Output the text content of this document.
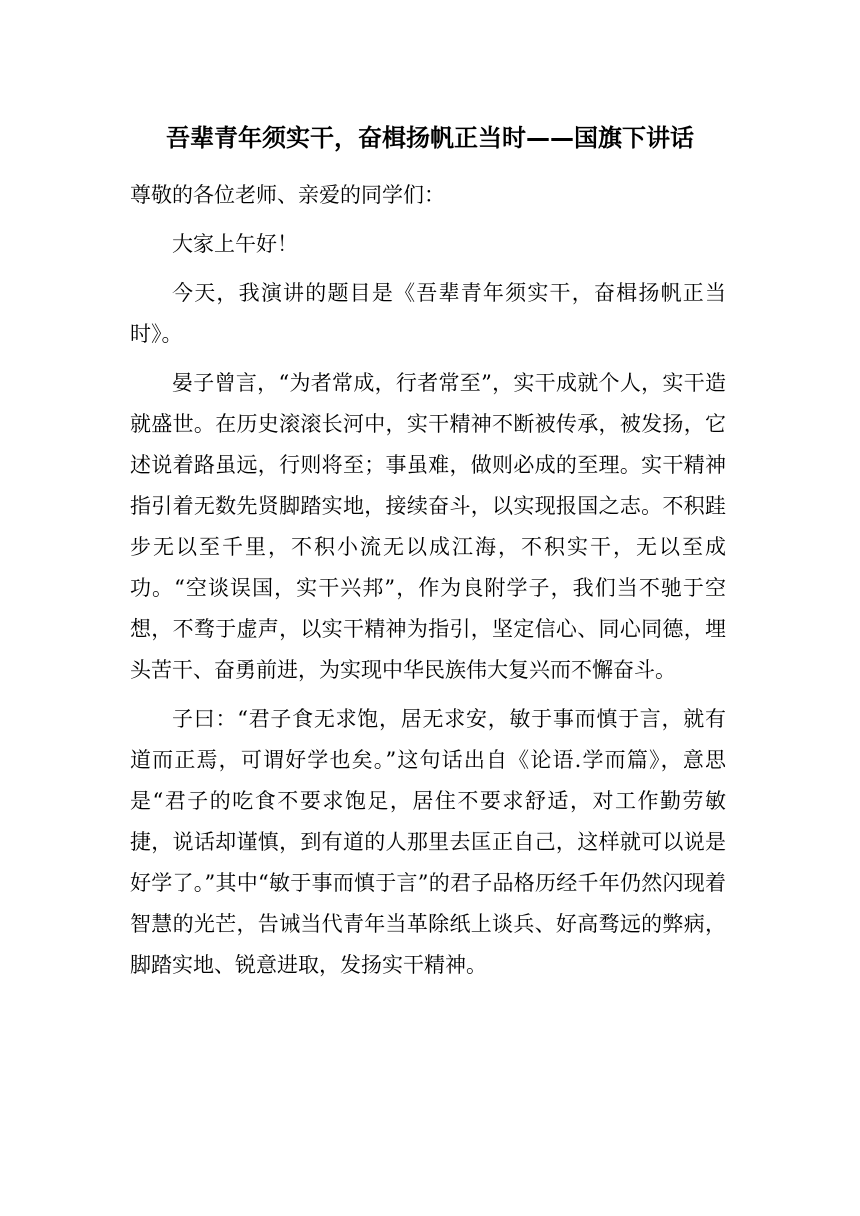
吾辈青年须实干，奋楫扬帆正当时——国旗下讲话

尊敬的各位老师、亲爱的同学们：

大家上午好！

今天，我演讲的题目是《吾辈青年须实干，奋楫扬帆正当时》。

晏子曾言，“为者常成，行者常至”，实干成就个人，实干造就盛世。在历史滚滚长河中，实干精神不断被传承，被发扬，它述说着路虽远，行则将至；事虽难，做则必成的至理。实干精神指引着无数先贤脚踏实地，接续奋斗，以实现报国之志。不积跬步无以至千里，不积小流无以成江海，不积实干，无以至成功。“空谈误国，实干兴邦”，作为良附学子，我们当不驰于空想，不骛于虚声，以实干精神为指引，坚定信心、同心同德，埋头苦干、奋勇前进，为实现中华民族伟大复兴而不懈奋斗。

子曰：“君子食无求饱，居无求安，敏于事而慎于言，就有道而正焉，可谓好学也矣。”这句话出自《论语.学而篇》，意思是“君子的吃食不要求饱足，居住不要求舒适，对工作勤劳敏捷，说话却谨慎，到有道的人那里去匡正自己，这样就可以说是好学了。”其中“敏于事而慎于言”的君子品格历经千年仍然闪现着智慧的光芒，告诫当代青年当革除纸上谈兵、好高骛远的弊病，脚踏实地、锐意进取，发扬实干精神。
